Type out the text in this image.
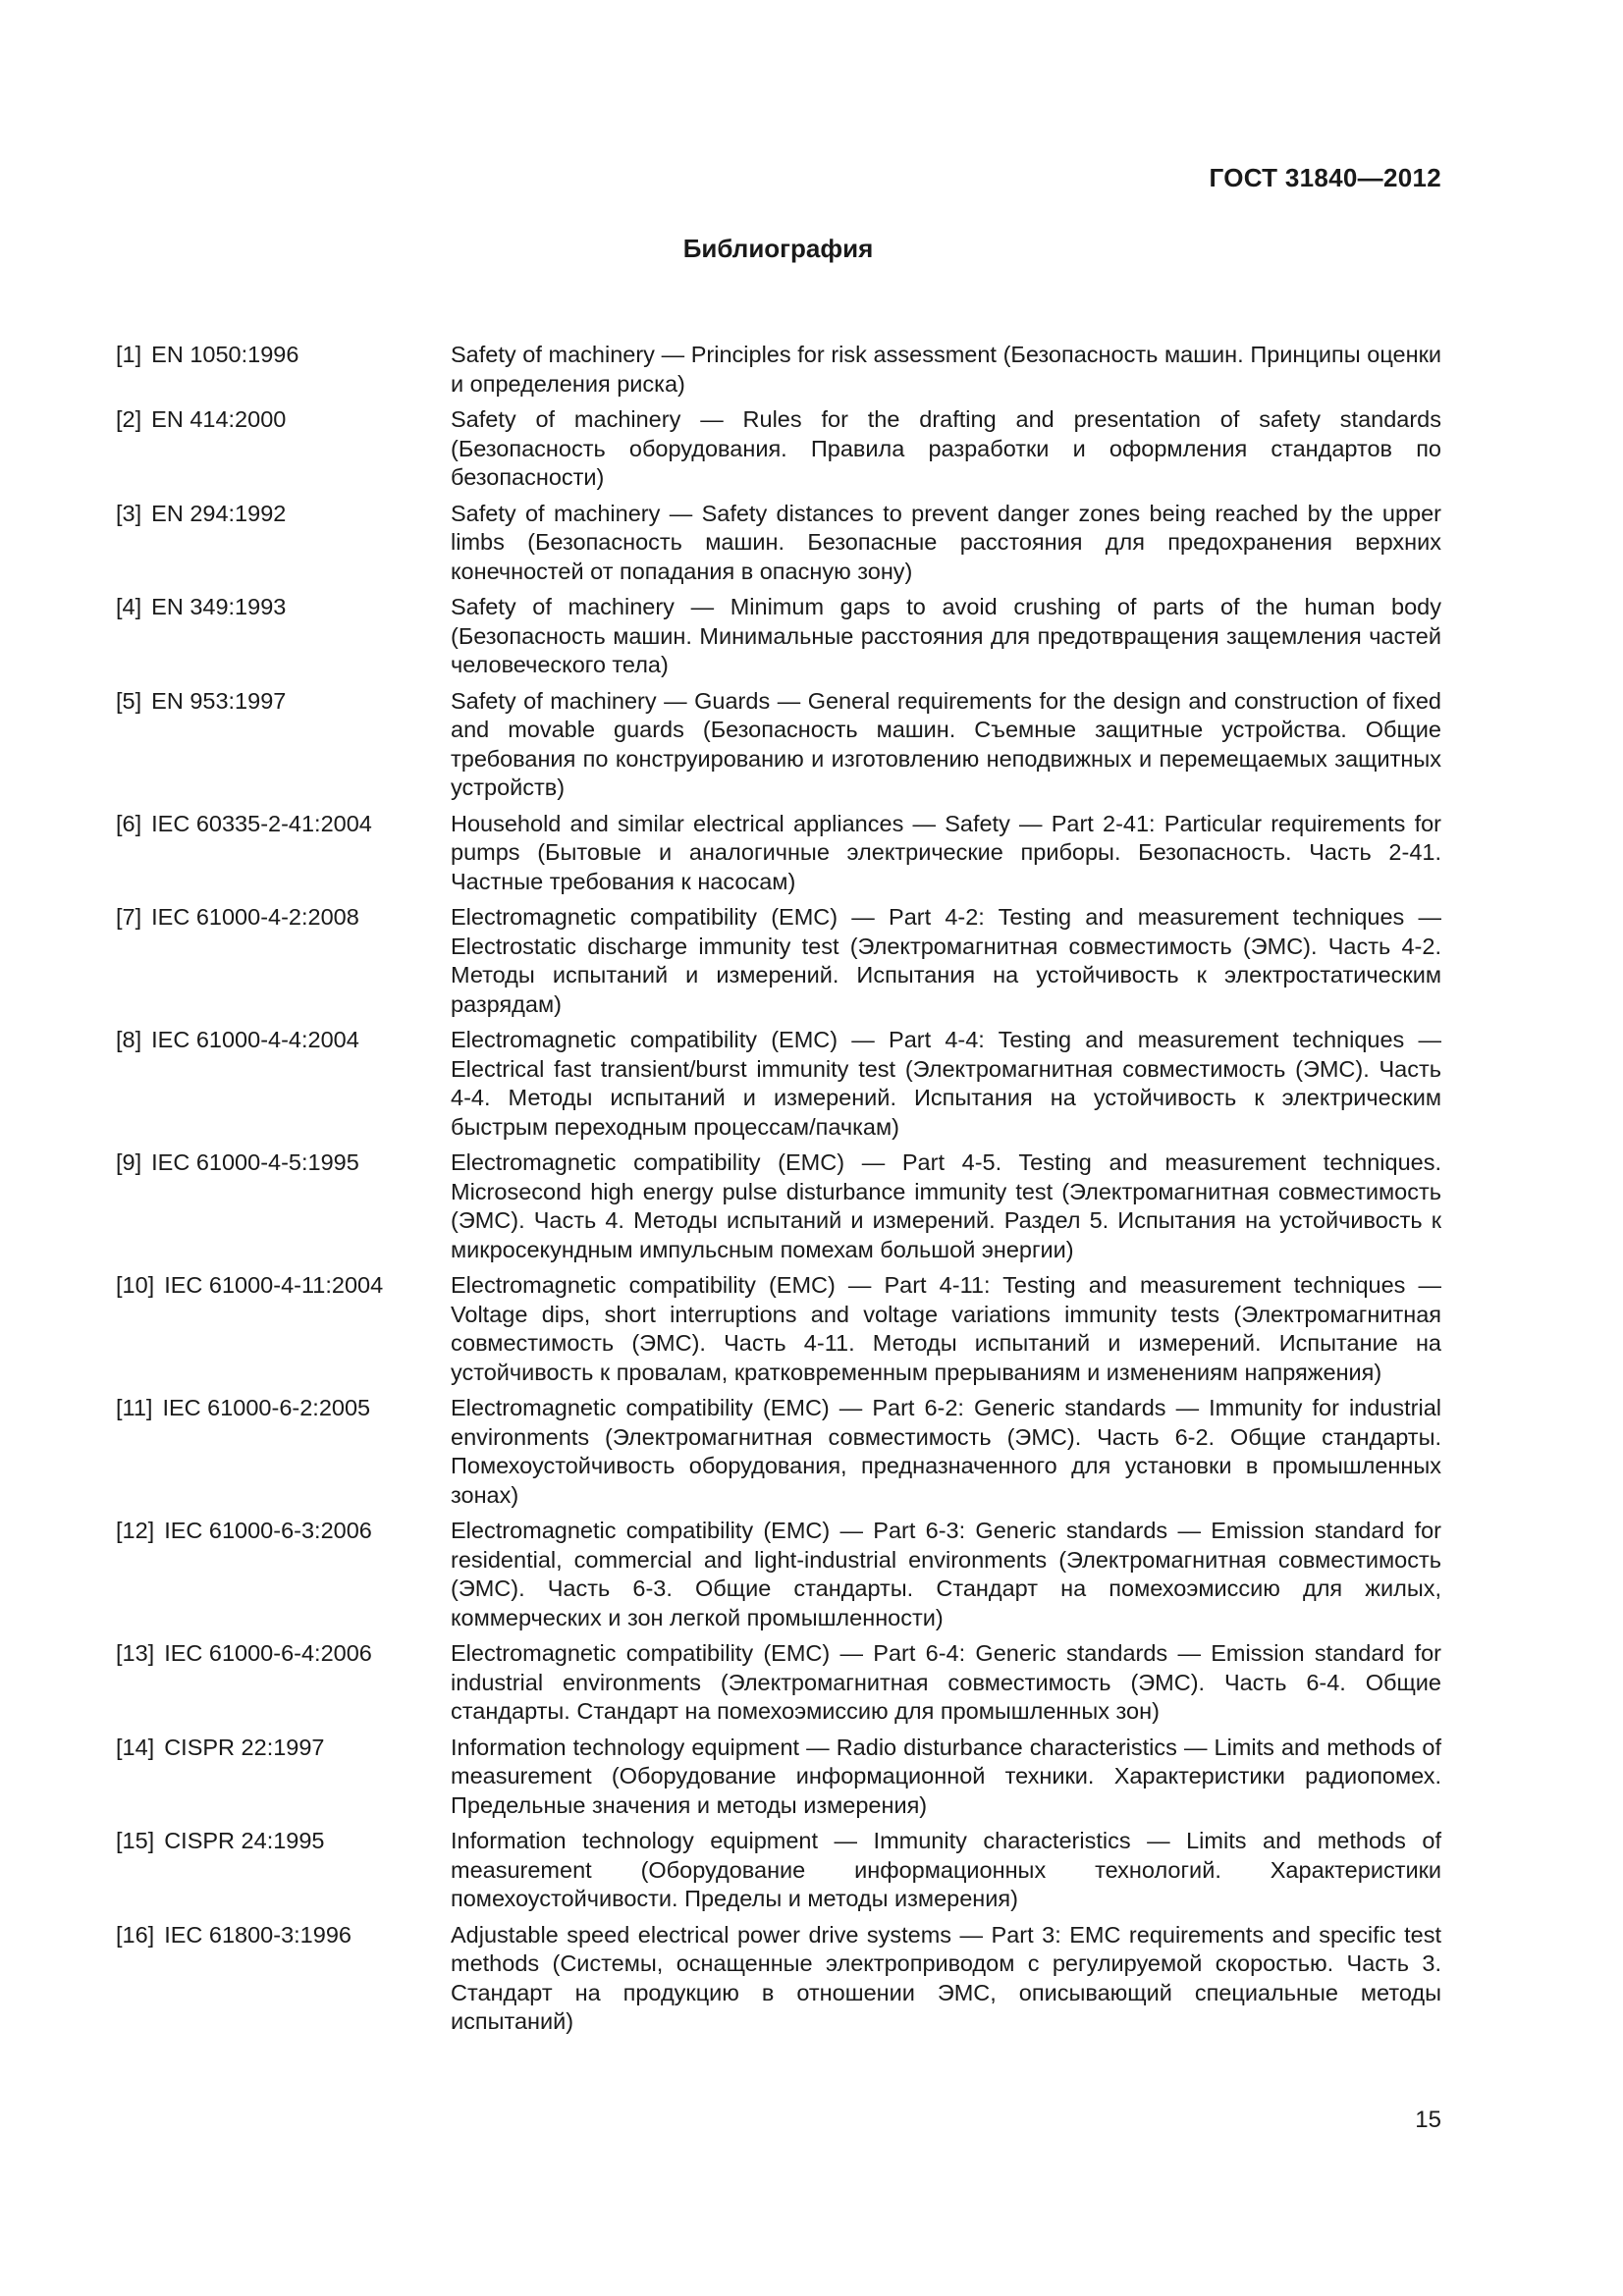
ГОСТ 31840—2012
Библиография
[1] EN 1050:1996	Safety of machinery — Principles for risk assessment (Безопасность машин. Принципы оценки и определения риска)
[2] EN 414:2000	Safety of machinery — Rules for the drafting and presentation of safety standards (Безопасность оборудования. Правила разработки и оформления стандартов по безопасности)
[3] EN 294:1992	Safety of machinery — Safety distances to prevent danger zones being reached by the upper limbs (Безопасность машин. Безопасные расстояния для предохранения верхних конечностей от попадания в опасную зону)
[4] EN 349:1993	Safety of machinery — Minimum gaps to avoid crushing of parts of the human body (Безопасность машин. Минимальные расстояния для предотвращения защемления частей человеческого тела)
[5] EN 953:1997	Safety of machinery — Guards — General requirements for the design and construction of fixed and movable guards (Безопасность машин. Съемные защитные устройства. Общие требования по конструированию и изготовлению неподвижных и перемещаемых защитных устройств)
[6] IEC 60335-2-41:2004	Household and similar electrical appliances — Safety — Part 2-41: Particular requirements for pumps (Бытовые и аналогичные электрические приборы. Безопасность. Часть 2-41. Частные требования к насосам)
[7] IEC 61000-4-2:2008	Electromagnetic compatibility (EMC) — Part 4-2: Testing and measurement techniques — Electrostatic discharge immunity test (Электромагнитная совместимость (ЭМС). Часть 4-2. Методы испытаний и измерений. Испытания на устойчивость к электростатическим разрядам)
[8] IEC 61000-4-4:2004	Electromagnetic compatibility (EMC) — Part 4-4: Testing and measurement techniques — Electrical fast transient/burst immunity test (Электромагнитная совместимость (ЭМС). Часть 4-4. Методы испытаний и измерений. Испытания на устойчивость к электрическим быстрым переходным процессам/пачкам)
[9] IEC 61000-4-5:1995	Electromagnetic compatibility (EMC) — Part 4-5. Testing and measurement techniques. Microsecond high energy pulse disturbance immunity test (Электромагнитная совместимость (ЭМС). Часть 4. Методы испытаний и измерений. Раздел 5. Испытания на устойчивость к микросекундным импульсным помехам большой энергии)
[10] IEC 61000-4-11:2004	Electromagnetic compatibility (EMC) — Part 4-11: Testing and measurement techniques — Voltage dips, short interruptions and voltage variations immunity tests (Электромагнитная совместимость (ЭМС). Часть 4-11. Методы испытаний и измерений. Испытание на устойчивость к провалам, кратковременным прерываниям и изменениям напряжения)
[11] IEC 61000-6-2:2005	Electromagnetic compatibility (EMC) — Part 6-2: Generic standards — Immunity for industrial environments (Электромагнитная совместимость (ЭМС). Часть 6-2. Общие стандарты. Помехоустойчивость оборудования, предназначенного для установки в промышленных зонах)
[12] IEC 61000-6-3:2006	Electromagnetic compatibility (EMC) — Part 6-3: Generic standards — Emission standard for residential, commercial and light-industrial environments (Электромагнитная совместимость (ЭМС). Часть 6-3. Общие стандарты. Стандарт на помехоэмиссию для жилых, коммерческих и зон легкой промышленности)
[13] IEC 61000-6-4:2006	Electromagnetic compatibility (EMC) — Part 6-4: Generic standards — Emission standard for industrial environments (Электромагнитная совместимость (ЭМС). Часть 6-4. Общие стандарты. Стандарт на помехоэмиссию для промышленных зон)
[14] CISPR 22:1997	Information technology equipment — Radio disturbance characteristics — Limits and methods of measurement (Оборудование информационной техники. Характеристики радиопомех. Предельные значения и методы измерения)
[15] CISPR 24:1995	Information technology equipment — Immunity characteristics — Limits and methods of measurement (Оборудование информационных технологий. Характеристики помехоустойчивости. Пределы и методы измерения)
[16] IEC 61800-3:1996	Adjustable speed electrical power drive systems — Part 3: EMC requirements and specific test methods (Системы, оснащенные электроприводом с регулируемой скоростью. Часть 3. Стандарт на продукцию в отношении ЭМС, описывающий специальные методы испытаний)
15
